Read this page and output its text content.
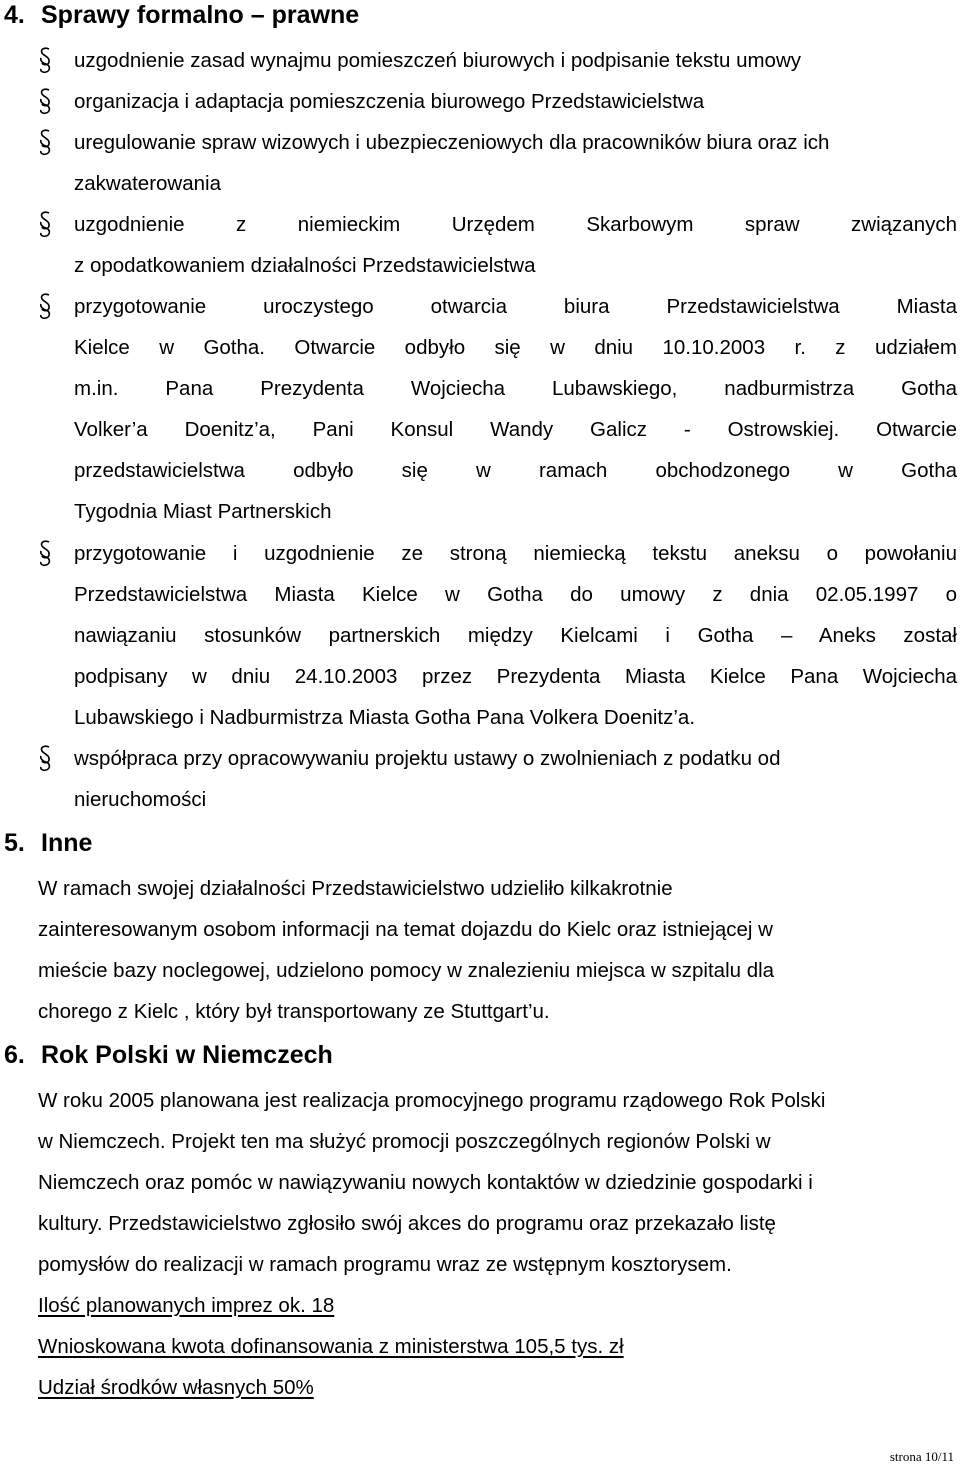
4. Sprawy formalno – prawne
uzgodnienie zasad wynajmu pomieszczeń biurowych i podpisanie tekstu umowy
organizacja i adaptacja pomieszczenia biurowego Przedstawicielstwa
uregulowanie spraw wizowych i ubezpieczeniowych dla pracowników biura oraz ich
zakwaterowania
uzgodnienie z niemieckim Urzędem Skarbowym spraw związanych
z opodatkowaniem działalności Przedstawicielstwa
przygotowanie uroczystego otwarcia biura Przedstawicielstwa Miasta
Kielce w Gotha. Otwarcie odbyło się w dniu 10.10.2003 r. z udziałem
m.in. Pana Prezydenta Wojciecha Lubawskiego, nadburmistrza Gotha
Volker’a Doenitz’a, Pani Konsul Wandy Galicz - Ostrowskiej. Otwarcie
przedstawicielstwa odbyło się w ramach obchodzonego w Gotha
Tygodnia Miast Partnerskich
przygotowanie i uzgodnienie ze stroną niemiecką tekstu aneksu o powołaniu
Przedstawicielstwa Miasta Kielce w Gotha do umowy z dnia 02.05.1997 o
nawiązaniu stosunków partnerskich między Kielcami i Gotha – Aneks został
podpisany w dniu 24.10.2003 przez Prezydenta Miasta Kielce Pana Wojciecha
Lubawskiego i Nadburmistrza Miasta Gotha Pana Volkera Doenitz’a.
współpraca przy opracowywaniu projektu ustawy o zwolnieniach z podatku od
nieruchomości
5. Inne
W ramach swojej działalności Przedstawicielstwo udzieliło kilkakrotnie
zainteresowanym osobom informacji na temat dojazdu do Kielc oraz istniejącej w
mieście bazy noclegowej, udzielono pomocy w znalezieniu miejsca w szpitalu dla
chorego z Kielc , który był transportowany ze Stuttgart’u.
6. Rok Polski w Niemczech
W roku 2005 planowana jest realizacja promocyjnego programu rządowego Rok Polski
w Niemczech. Projekt ten ma służyć promocji poszczególnych regionów Polski w
Niemczech oraz pomóc w nawiązywaniu nowych kontaktów w dziedzinie gospodarki i
kultury. Przedstawicielstwo zgłosiło swój akces do programu oraz przekazało listę
pomysłów do realizacji w ramach programu wraz ze wstępnym kosztorysem.
Ilość planowanych imprez ok. 18
Wnioskowana kwota dofinansowania z ministerstwa 105,5 tys. zł
Udział środków własnych 50%
strona 10/11
